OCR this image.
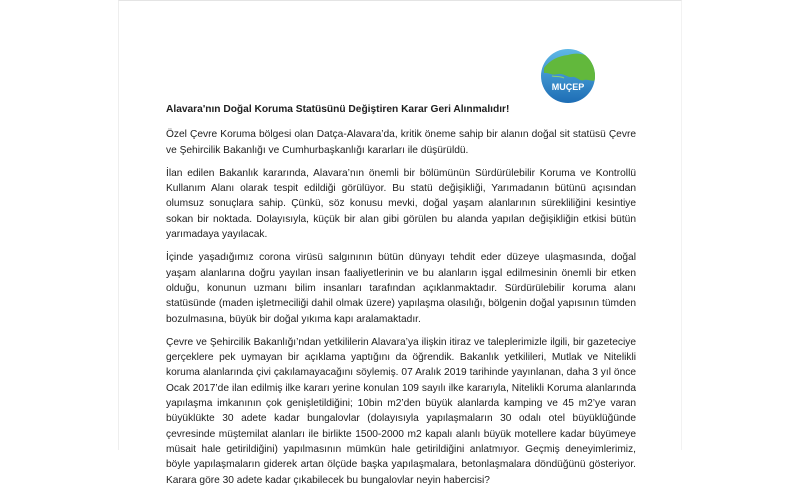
MUÇEP

Alavara'nın Doğal Koruma Statüsünü Değiştiren Karar Geri Alınmalıdır!

Özel Çevre Koruma bölgesi olan Datça-Alavara’da, kritik öneme sahip bir alanın doğal sit statüsü Çevre ve Şehircilik Bakanlığı ve Cumhurbaşkanlığı kararları ile düşürüldü.

İlan edilen Bakanlık kararında, Alavara’nın önemli bir bölümünün Sürdürülebilir Koruma ve Kontrollü Kullanım Alanı olarak tespit edildiği görülüyor. Bu statü değişikliği, Yarımadanın bütünü açısından olumsuz sonuçlara sahip. Çünkü, söz konusu mevki, doğal yaşam alanlarının sürekliliğini kesintiye sokan bir noktada. Dolayısıyla, küçük bir alan gibi görülen bu alanda yapılan değişikliğin etkisi bütün yarımadaya yayılacak.

İçinde yaşadığımız corona virüsü salgınının bütün dünyayı tehdit eder düzeye ulaşmasında, doğal yaşam alanlarına doğru yayılan insan faaliyetlerinin ve bu alanların işgal edilmesinin önemli bir etken olduğu, konunun uzmanı bilim insanları tarafından açıklanmaktadır. Sürdürülebilir koruma alanı statüsünde (maden işletmeciliği dahil olmak üzere) yapılaşma olasılığı, bölgenin doğal yapısının tümden bozulmasına, büyük bir doğal yıkıma kapı aralamaktadır.

Çevre ve Şehircilik Bakanlığı’ndan yetkililerin Alavara’ya ilişkin itiraz ve taleplerimizle ilgili, bir gazeteciye gerçeklere pek uymayan bir açıklama yaptığını da öğrendik. Bakanlık yetkilileri, Mutlak ve Nitelikli koruma alanlarında çivi çakılamayacağını söylemiş. 07 Aralık 2019 tarihinde yayınlanan, daha 3 yıl önce Ocak 2017’de ilan edilmiş ilke kararı yerine konulan 109 sayılı ilke kararıyla, Nitelikli Koruma alanlarında yapılaşma imkanının çok genişletildiğini; 10bin m2’den büyük alanlarda kamping ve 45 m2’ye varan büyüklükte 30 adete kadar bungalovlar (dolayısıyla yapılaşmaların 30 odalı otel büyüklüğünde çevresinde müştemilat alanları ile birlikte 1500-2000 m2 kapalı alanlı büyük motellere kadar büyümeye müsait hale getirildiğini) yapılmasının mümkün hale getirildiğini anlatmıyor. Geçmiş deneyimlerimiz, böyle yapılaşmaların giderek artan ölçüde başka yapılaşmalara, betonlaşmalara döndüğünü gösteriyor. Karara göre 30 adete kadar çıkabilecek bu bungalovlar neyin habercisi?
